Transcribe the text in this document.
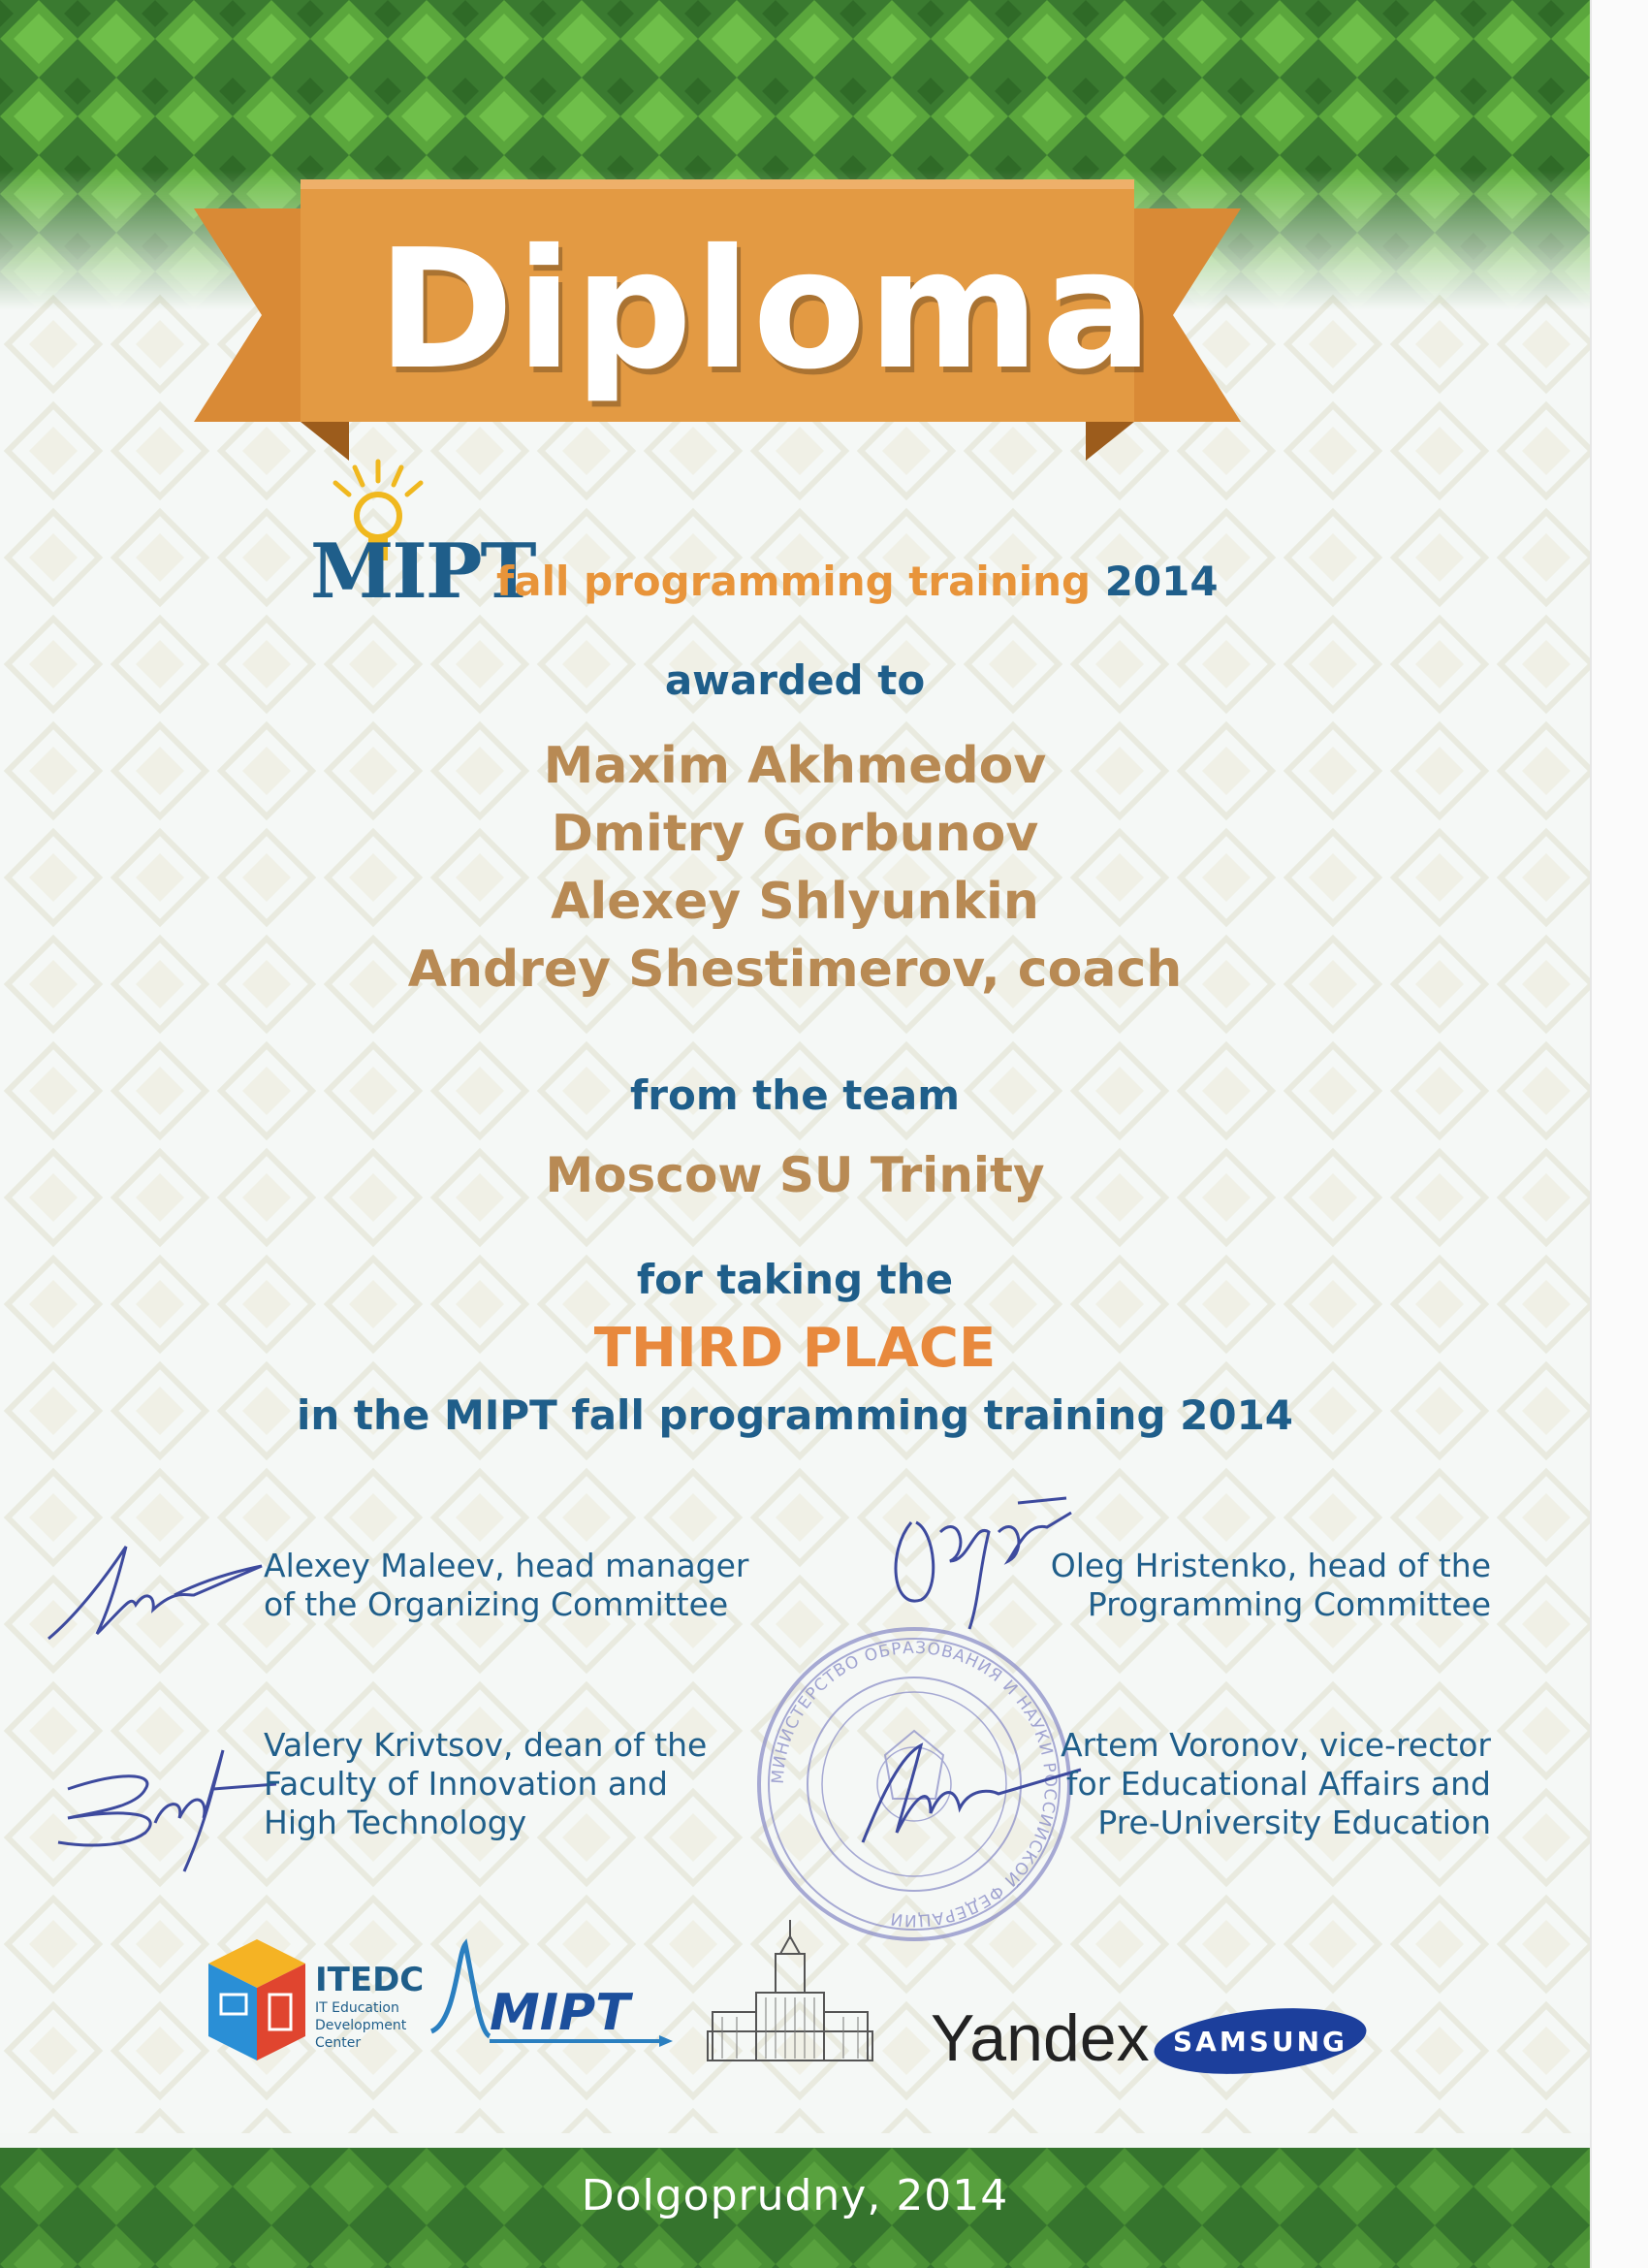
Diploma
MIPT
fall programming training 2014

awarded to

Maxim Akhmedov

Dmitry Gorbunov

Alexey Shlyunkin

Andrey Shestimerov, coach

from the team

Moscow SU Trinity

for taking the

THIRD PLACE

in the MIPT fall programming training 2014

МИНИСТЕРСТВО ОБРАЗОВАНИЯ И НАУКИ РОССИЙСКОЙ ФЕДЕРАЦИИ
Alexey Maleev, head manager
of the Organizing Committee
Oleg Hristenko, head of the
Programming Committee
Valery Krivtsov, dean of the
Faculty of Innovation and
High Technology
Artem Voronov, vice-rector
for Educational Affairs and
Pre-University Education
ITEDC
IT Education
Development
Center
MIPT	Yandex SAMSUNG

Dolgoprudny, 2014
